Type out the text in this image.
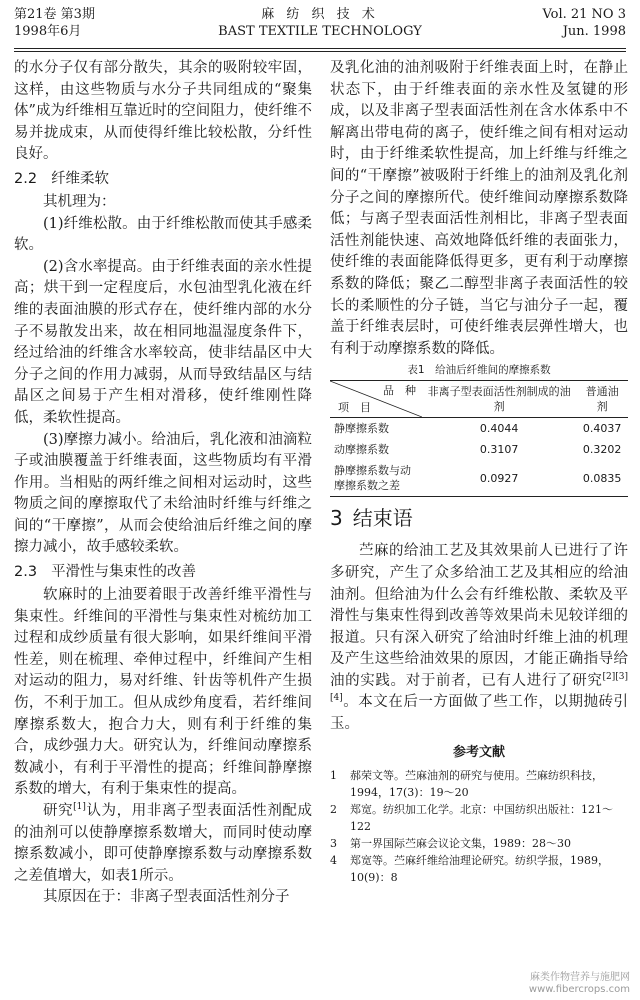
第21卷 第3期
1998年6月
麻 纺 织 技 术
BAST TEXTILE TECHNOLOGY
Vol. 21 NO 3
Jun. 1998

的水分子仅有部分散失，其余的吸附较牢固，这样，由这些物质与水分子共同组成的“聚集体”成为纤维相互靠近时的空间阻力，使纤维不易并拢成束，从而使得纤维比较松散，分纤性良好。

2.2 纤维柔软

其机理为：

(1)纤维松散。由于纤维松散而使其手感柔软。

(2)含水率提高。由于纤维表面的亲水性提高；烘干到一定程度后，水包油型乳化液在纤维的表面油膜的形式存在，使纤维内部的水分子不易散发出来，故在相同地温湿度条件下，经过给油的纤维含水率较高，使非结晶区中大分子之间的作用力减弱，从而导致结晶区与结晶区之间易于产生相对滑移，使纤维刚性降低，柔软性提高。

(3)摩擦力减小。给油后，乳化液和油滴粒子或油膜覆盖于纤维表面，这些物质均有平滑作用。当相贴的两纤维之间相对运动时，这些物质之间的摩擦取代了未给油时纤维与纤维之间的“干摩擦”，从而会使给油后纤维之间的摩擦力减小，故手感较柔软。

2.3 平滑性与集束性的改善

软麻时的上油要着眼于改善纤维平滑性与集束性。纤维间的平滑性与集束性对梳纺加工过程和成纱质量有很大影响，如果纤维间平滑性差，则在梳理、牵伸过程中，纤维间产生相对运动的阻力，易对纤维、针齿等机件产生损伤，不利于加工。但从成纱角度看，若纤维间摩擦系数大，抱合力大，则有利于纤维的集合，成纱强力大。研究认为，纤维间动摩擦系数减小，有利于平滑性的提高；纤维间静摩擦系数的增大，有利于集束性的提高。

研究[1]认为，用非离子型表面活性剂配成的油剂可以使静摩擦系数增大，而同时使动摩擦系数减小，即可使静摩擦系数与动摩擦系数之差值增大，如表1所示。

其原因在于：非离子型表面活性剂分子

及乳化油的油剂吸附于纤维表面上时，在静止状态下，由于纤维表面的亲水性及氢键的形成，以及非离子型表面活性剂在含水体系中不解离出带电荷的离子，使纤维之间有相对运动时，由于纤维柔软性提高，加上纤维与纤维之间的“干摩擦”被吸附于纤维上的油剂及乳化剂分子之间的摩擦所代。使纤维间动摩擦系数降低；与离子型表面活性剂相比，非离子型表面活性剂能快速、高效地降低纤维的表面张力，使纤维的表面能降低得更多，更有利于动摩擦系数的降低；聚乙二醇型非离子表面活性的较长的柔顺性的分子链，当它与油分子一起，覆盖于纤维表层时，可使纤维表层弹性增大，也有利于动摩擦系数的降低。

表1　给油后纤维间的摩擦系数
品　种
项　目	非离子型表面活性剂制成的油剂	普通油剂
静摩擦系数	0.4044	0.4037
动摩擦系数	0.3107	0.3202
静摩擦系数与动摩擦系数之差	0.0927	0.0835
3 结束语

苎麻的给油工艺及其效果前人已进行了许多研究，产生了众多给油工艺及其相应的给油油剂。但给油为什么会有纤维松散、柔软及平滑性与集束性得到改善等效果尚未见较详细的报道。只有深入研究了给油时纤维上油的机理及产生这些给油效果的原因，才能正确指导给油的实践。对于前者，已有人进行了研究[2][3][4]。本文在后一方面做了些工作，以期抛砖引玉。

参考文献
1	郝荣文等。苎麻油剂的研究与使用。苎麻纺织科技，1994，17(3)：19～20
2	郑宽。纺织加工化学。北京：中国纺织出版社：121～122
3	第一界国际苎麻会议论文集，1989：28～30
4	郑宽等。苎麻纤维给油理论研究。纺织学报，1989，10(9)：8
麻类作物营养与施肥网
www.fibercrops.com
